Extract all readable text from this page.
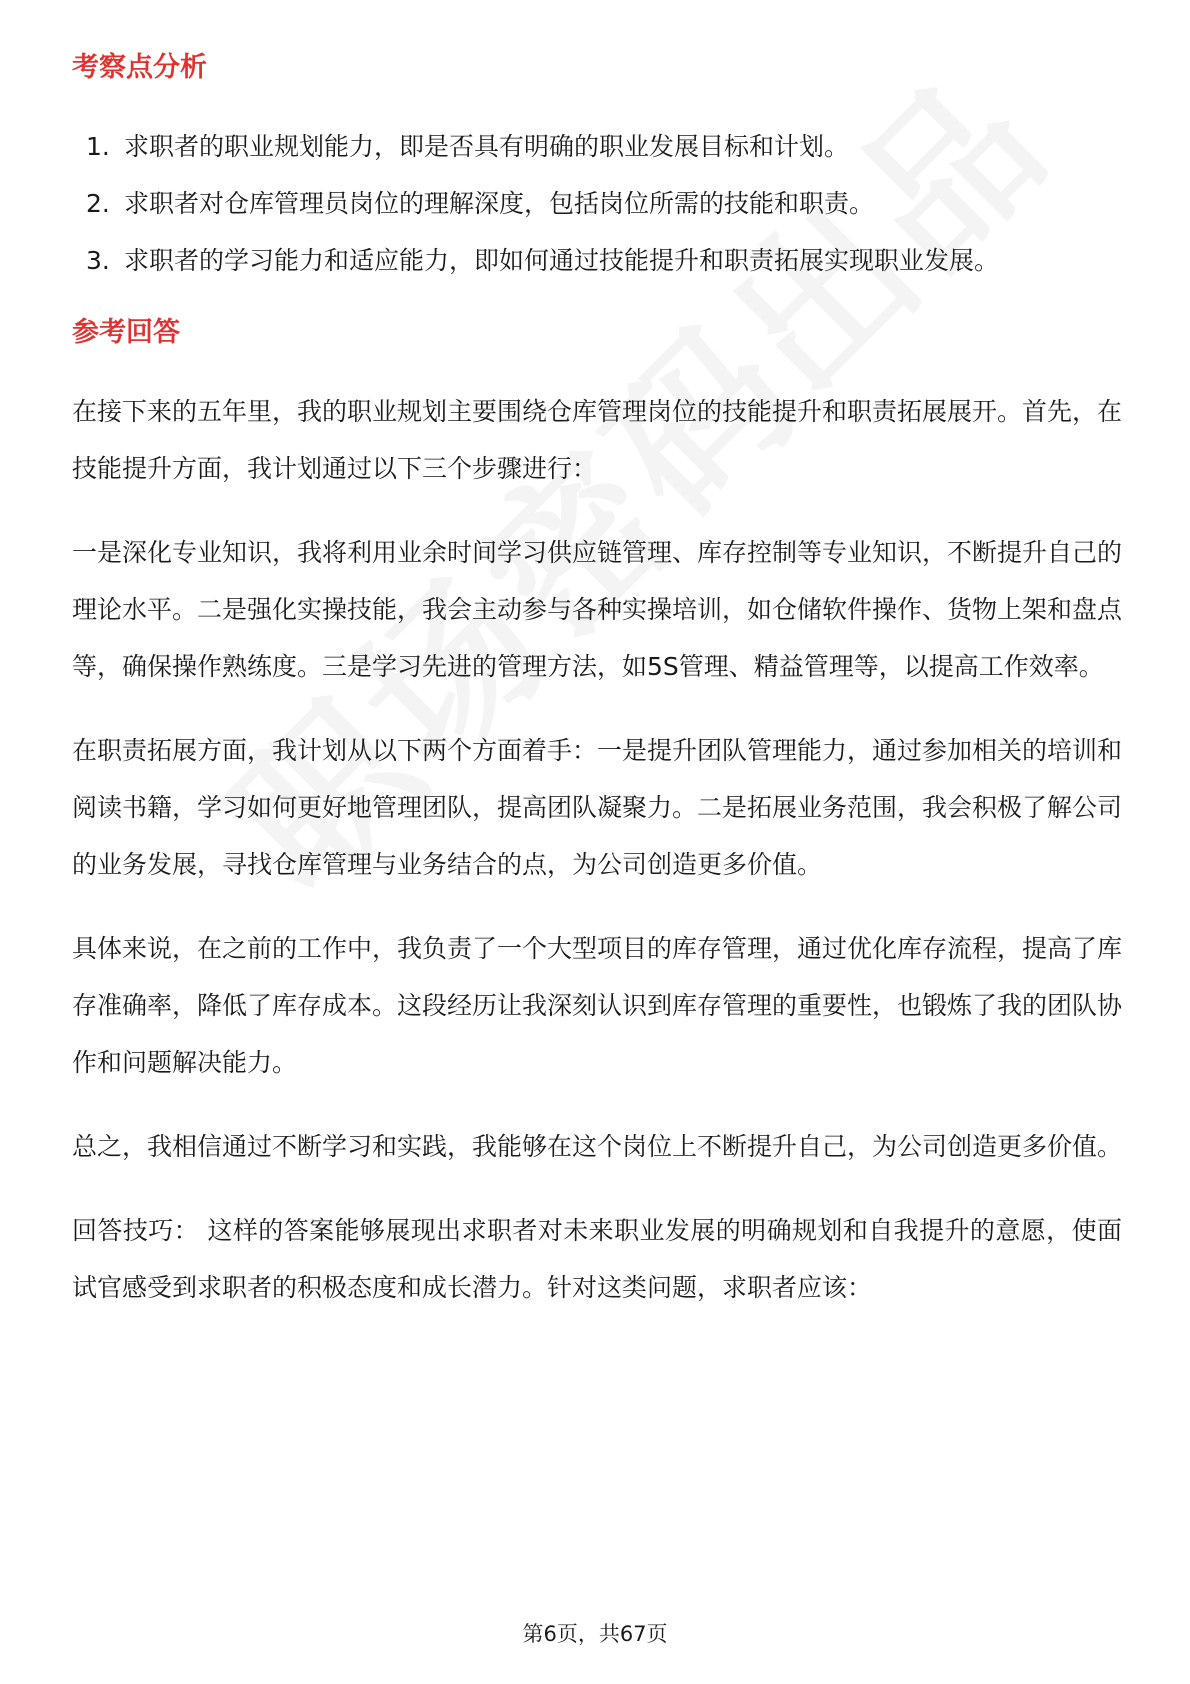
考察点分析
1. 求职者的职业规划能力，即是否具有明确的职业发展目标和计划。
2. 求职者对仓库管理员岗位的理解深度，包括岗位所需的技能和职责。
3. 求职者的学习能力和适应能力，即如何通过技能提升和职责拓展实现职业发展。
参考回答

在接下来的五年里，我的职业规划主要围绕仓库管理岗位的技能提升和职责拓展展开。首先，在技能提升方面，我计划通过以下三个步骤进行：

一是深化专业知识，我将利用业余时间学习供应链管理、库存控制等专业知识，不断提升自己的理论水平。二是强化实操技能，我会主动参与各种实操培训，如仓储软件操作、货物上架和盘点等，确保操作熟练度。三是学习先进的管理方法，如5S管理、精益管理等，以提高工作效率。

在职责拓展方面，我计划从以下两个方面着手：一是提升团队管理能力，通过参加相关的培训和阅读书籍，学习如何更好地管理团队，提高团队凝聚力。二是拓展业务范围，我会积极了解公司的业务发展，寻找仓库管理与业务结合的点，为公司创造更多价值。

具体来说，在之前的工作中，我负责了一个大型项目的库存管理，通过优化库存流程，提高了库存准确率，降低了库存成本。这段经历让我深刻认识到库存管理的重要性，也锻炼了我的团队协作和问题解决能力。

总之，我相信通过不断学习和实践，我能够在这个岗位上不断提升自己，为公司创造更多价值。

回答技巧： 这样的答案能够展现出求职者对未来职业发展的明确规划和自我提升的意愿，使面试官感受到求职者的积极态度和成长潜力。针对这类问题，求职者应该：

第6页，共67页
